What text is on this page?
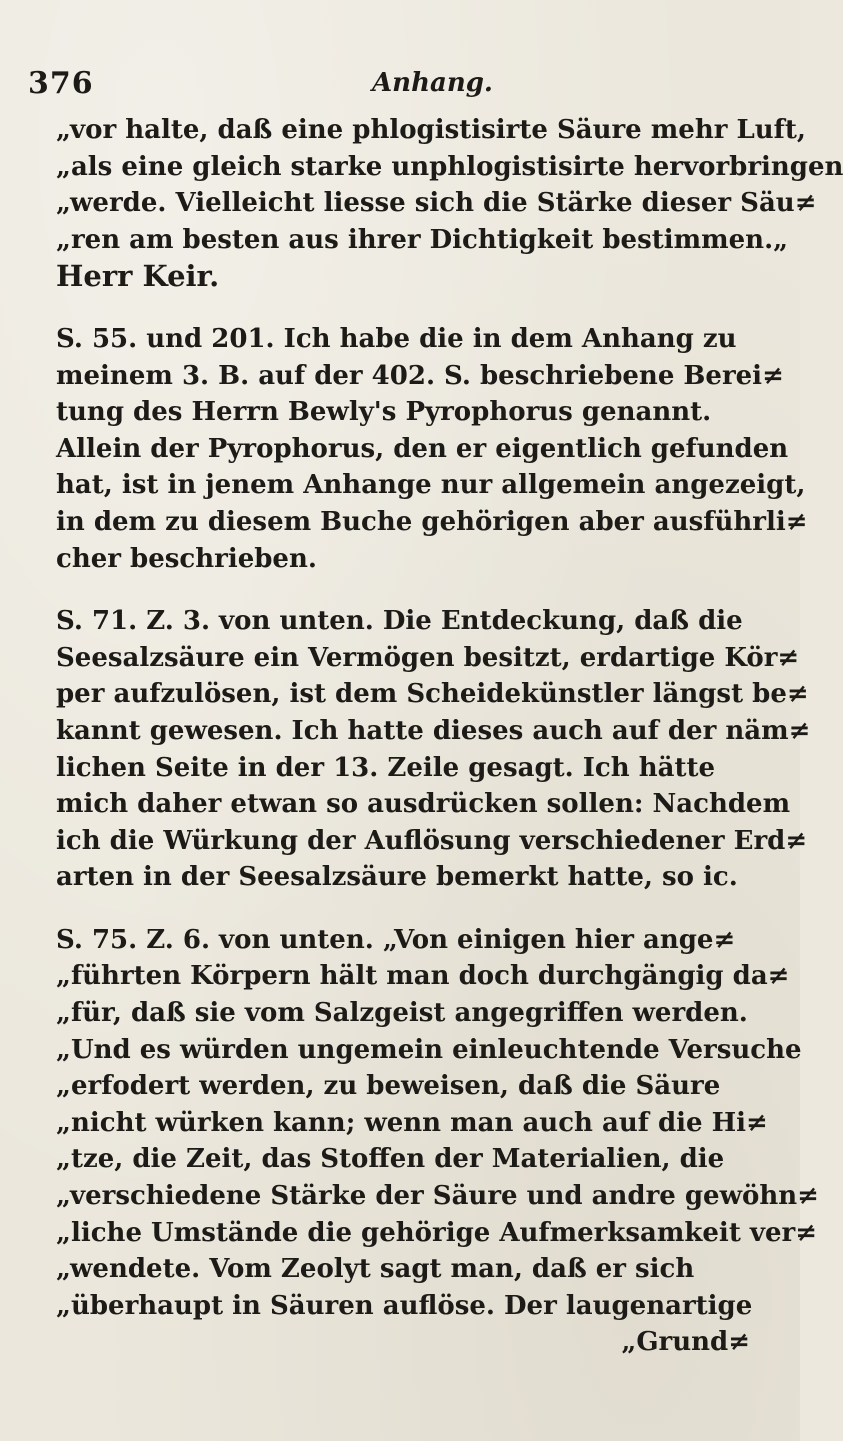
376	Anhang.
„vor halte, daß eine phlogistisirte Säure mehr Luft,
„als eine gleich starke unphlogistisirte hervorbringen
„werde. Vielleicht liesse sich die Stärke dieser Säu≠
„ren am besten aus ihrer Dichtigkeit bestimmen.„
Herr Keir.
S. 55. und 201. Ich habe die in dem Anhang zu
meinem 3. B. auf der 402. S. beschriebene Berei≠
tung des Herrn Bewly's Pyrophorus genannt.
Allein der Pyrophorus, den er eigentlich gefunden
hat, ist in jenem Anhange nur allgemein angezeigt,
in dem zu diesem Buche gehörigen aber ausführli≠
cher beschrieben.
S. 71. Z. 3. von unten. Die Entdeckung, daß die
Seesalzsäure ein Vermögen besitzt, erdartige Kör≠
per aufzulösen, ist dem Scheidekünstler längst be≠
kannt gewesen. Ich hatte dieses auch auf der näm≠
lichen Seite in der 13. Zeile gesagt. Ich hätte
mich daher etwan so ausdrücken sollen: Nachdem
ich die Würkung der Auflösung verschiedener Erd≠
arten in der Seesalzsäure bemerkt hatte, so ic.
S. 75. Z. 6. von unten. „Von einigen hier ange≠
„führten Körpern hält man doch durchgängig da≠
„für, daß sie vom Salzgeist angegriffen werden.
„Und es würden ungemein einleuchtende Versuche
„erfodert werden, zu beweisen, daß die Säure
„nicht würken kann; wenn man auch auf die Hi≠
„tze, die Zeit, das Stoffen der Materialien, die
„verschiedene Stärke der Säure und andre gewöhn≠
„liche Umstände die gehörige Aufmerksamkeit ver≠
„wendete. Vom Zeolyt sagt man, daß er sich
„überhaupt in Säuren auflöse. Der laugenartige
„Grund≠
